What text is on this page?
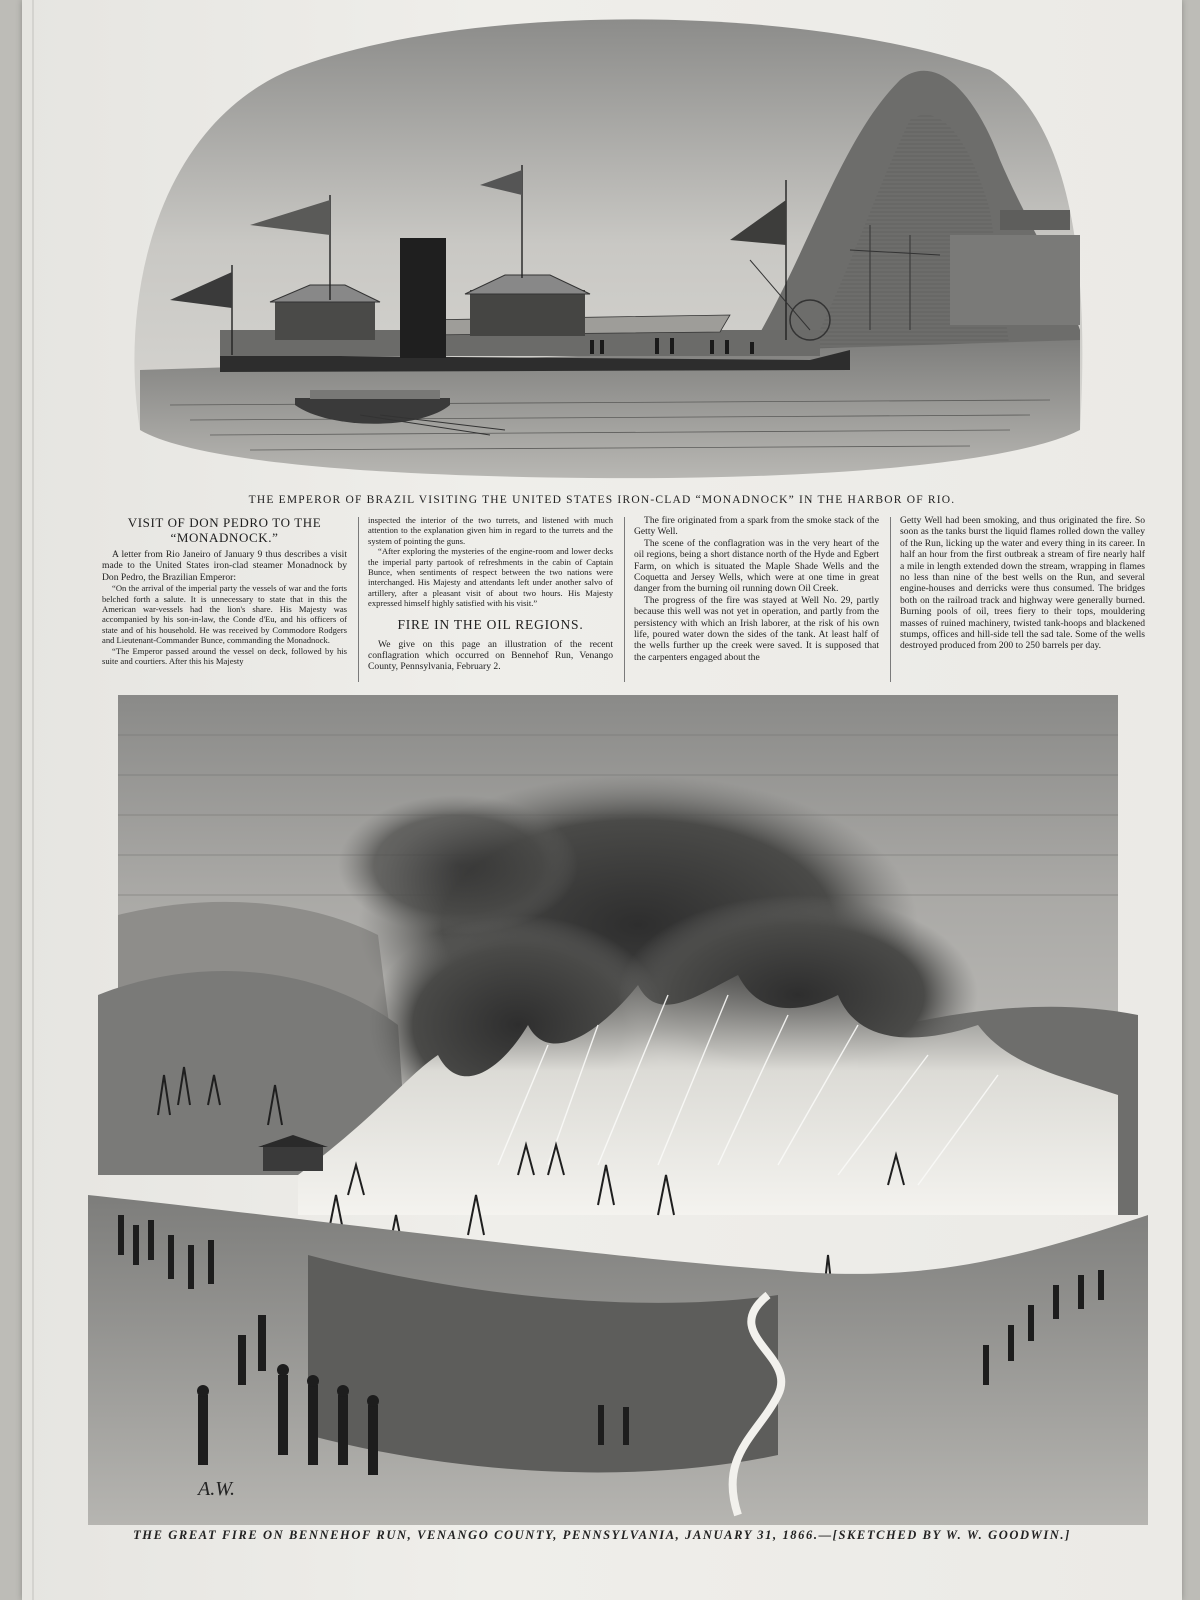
THE EMPEROR OF BRAZIL VISITING THE UNITED STATES IRON-CLAD “MONADNOCK” IN THE HARBOR OF RIO.
VISIT OF DON PEDRO TO THE “MONADNOCK.”

A letter from Rio Janeiro of January 9 thus describes a visit made to the United States iron-clad steamer Monadnock by Don Pedro, the Brazilian Emperor:

“On the arrival of the imperial party the vessels of war and the forts belched forth a salute. It is unnecessary to state that in this the American war-vessels had the lion's share. His Majesty was accompanied by his son-in-law, the Conde d'Eu, and his officers of state and of his household. He was received by Commodore Rodgers and Lieutenant-Commander Bunce, commanding the Monadnock.

“The Emperor passed around the vessel on deck, followed by his suite and courtiers. After this his Majesty

inspected the interior of the two turrets, and listened with much attention to the explanation given him in regard to the turrets and the system of pointing the guns.

“After exploring the mysteries of the engine-room and lower decks the imperial party partook of refreshments in the cabin of Captain Bunce, when sentiments of respect between the two nations were interchanged. His Majesty and attendants left under another salvo of artillery, after a pleasant visit of about two hours. His Majesty expressed himself highly satisfied with his visit.”

FIRE IN THE OIL REGIONS.

We give on this page an illustration of the recent conflagration which occurred on Bennehof Run, Venango County, Pennsylvania, February 2.

The fire originated from a spark from the smoke stack of the Getty Well.

The scene of the conflagration was in the very heart of the oil regions, being a short distance north of the Hyde and Egbert Farm, on which is situated the Maple Shade Wells and the Coquetta and Jersey Wells, which were at one time in great danger from the burning oil running down Oil Creek.

The progress of the fire was stayed at Well No. 29, partly because this well was not yet in operation, and partly from the persistency with which an Irish laborer, at the risk of his own life, poured water down the sides of the tank. At least half of the wells further up the creek were saved. It is supposed that the carpenters engaged about the

Getty Well had been smoking, and thus originated the fire. So soon as the tanks burst the liquid flames rolled down the valley of the Run, licking up the water and every thing in its career. In half an hour from the first outbreak a stream of fire nearly half a mile in length extended down the stream, wrapping in flames no less than nine of the best wells on the Run, and several engine-houses and derricks were thus consumed. The bridges both on the railroad track and highway were generally burned. Burning pools of oil, trees fiery to their tops, mouldering masses of ruined machinery, twisted tank-hoops and blackened stumps, offices and hill-side tell the sad tale. Some of the wells destroyed produced from 200 to 250 barrels per day.

A.W.
THE GREAT FIRE ON BENNEHOF RUN, VENANGO COUNTY, PENNSYLVANIA, JANUARY 31, 1866.—[SKETCHED BY W. W. GOODWIN.]
